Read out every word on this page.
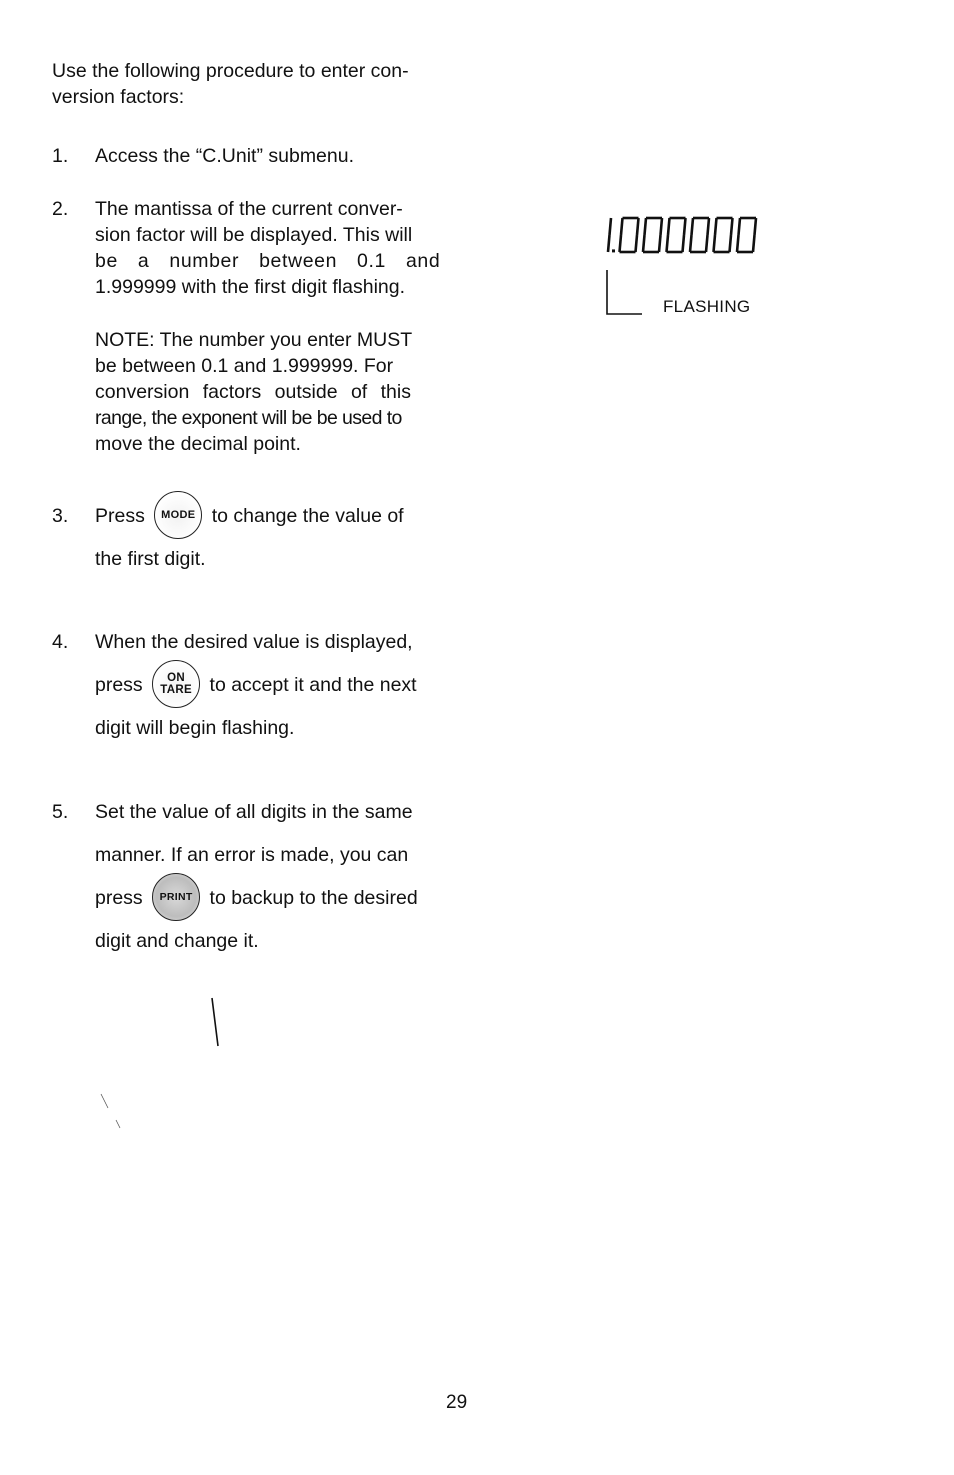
Use the following procedure to enter con-
version factors:

1. Access the “C.Unit” submenu.
2. The mantissa of the current conver-
sion factor will be displayed. This will
be a number between 0.1 and
1.999999 with the first digit flashing.
NOTE: The number you enter MUST
be between 0.1 and 1.999999. For
conversion factors outside of this
range, the exponent will be be used to
move the decimal point.
3. Press MODE to change the value of
the first digit.
4. When the desired value is displayed,
press ON
TARE to accept it and the next
digit will begin flashing.
5. Set the value of all digits in the same
manner. If an error is made, you can
press PRINT to backup to the desired
digit and change it.
FLASHING
29
